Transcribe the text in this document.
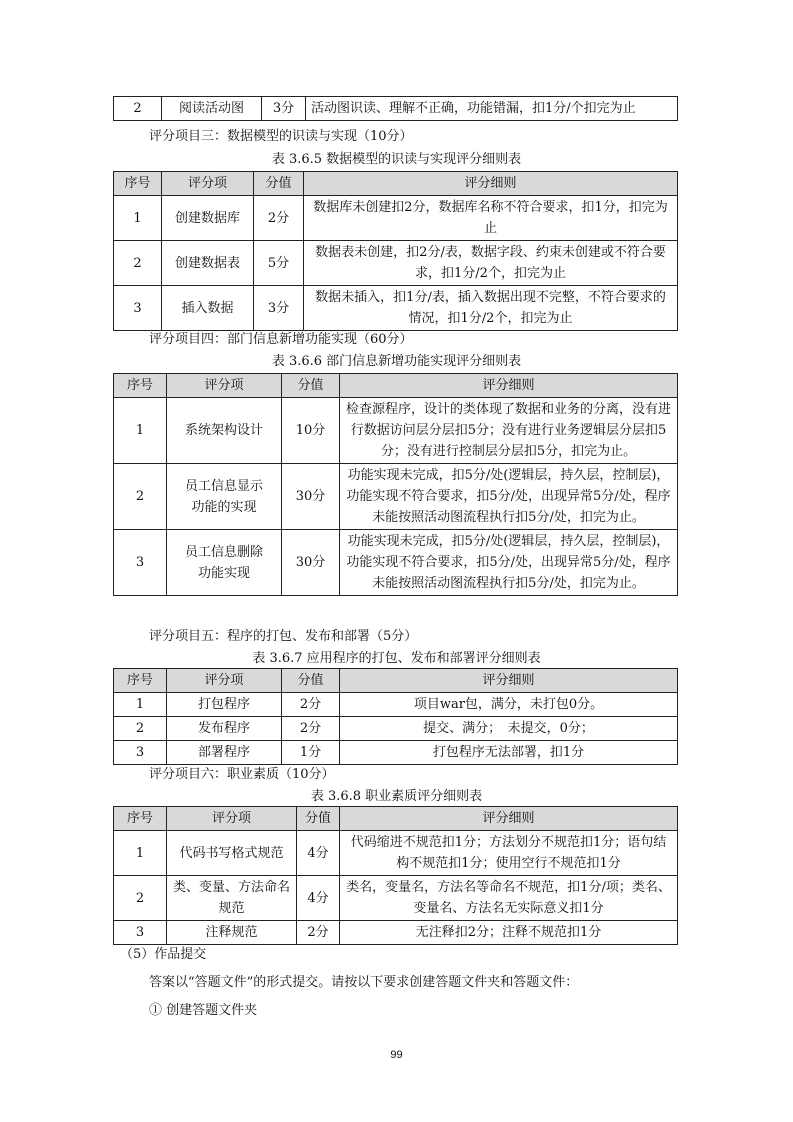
2	阅读活动图	3分	活动图识读、理解不正确，功能错漏，扣1分/个扣完为止
评分项目三：数据模型的识读与实现（10分）
表 3.6.5 数据模型的识读与实现评分细则表
序号	评分项	分值	评分细则
1	创建数据库	2分	数据库未创建扣2分，数据库名称不符合要求，扣1分，扣完为止
2	创建数据表	5分	数据表未创建，扣2分/表，数据字段、约束未创建或不符合要求，扣1分/2个，扣完为止
3	插入数据	3分	数据未插入，扣1分/表，插入数据出现不完整，不符合要求的情况，扣1分/2个，扣完为止
评分项目四：部门信息新增功能实现（60分）
表 3.6.6 部门信息新增功能实现评分细则表
序号	评分项	分值	评分细则
1	系统架构设计	10分	检查源程序，设计的类体现了数据和业务的分离，没有进行数据访问层分层扣5分；没有进行业务逻辑层分层扣5分；没有进行控制层分层扣5分，扣完为止。
2	员工信息显示功能的实现	30分	功能实现未完成，扣5分/处(逻辑层，持久层，控制层)，功能实现不符合要求，扣5分/处，出现异常5分/处，程序未能按照活动图流程执行扣5分/处，扣完为止。
3	员工信息删除功能实现	30分	功能实现未完成，扣5分/处(逻辑层，持久层，控制层)，功能实现不符合要求，扣5分/处，出现异常5分/处，程序未能按照活动图流程执行扣5分/处，扣完为止。
评分项目五：程序的打包、发布和部署（5分）
表 3.6.7 应用程序的打包、发布和部署评分细则表
序号	评分项	分值	评分细则
1	打包程序	2分	项目war包，满分，未打包0分。
2	发布程序	2分	提交、满分；　未提交，0分；
3	部署程序	1分	打包程序无法部署，扣1分
评分项目六：职业素质（10分）
表 3.6.8 职业素质评分细则表
序号	评分项	分值	评分细则
1	代码书写格式规范	4分	代码缩进不规范扣1分；方法划分不规范扣1分；语句结构不规范扣1分；使用空行不规范扣1分
2	类、变量、方法命名规范	4分	类名，变量名，方法名等命名不规范，扣1分/项；类名、变量名、方法名无实际意义扣1分
3	注释规范	2分	无注释扣2分；注释不规范扣1分
（5）作品提交
答案以“答题文件”的形式提交。请按以下要求创建答题文件夹和答题文件：
① 创建答题文件夹
99
